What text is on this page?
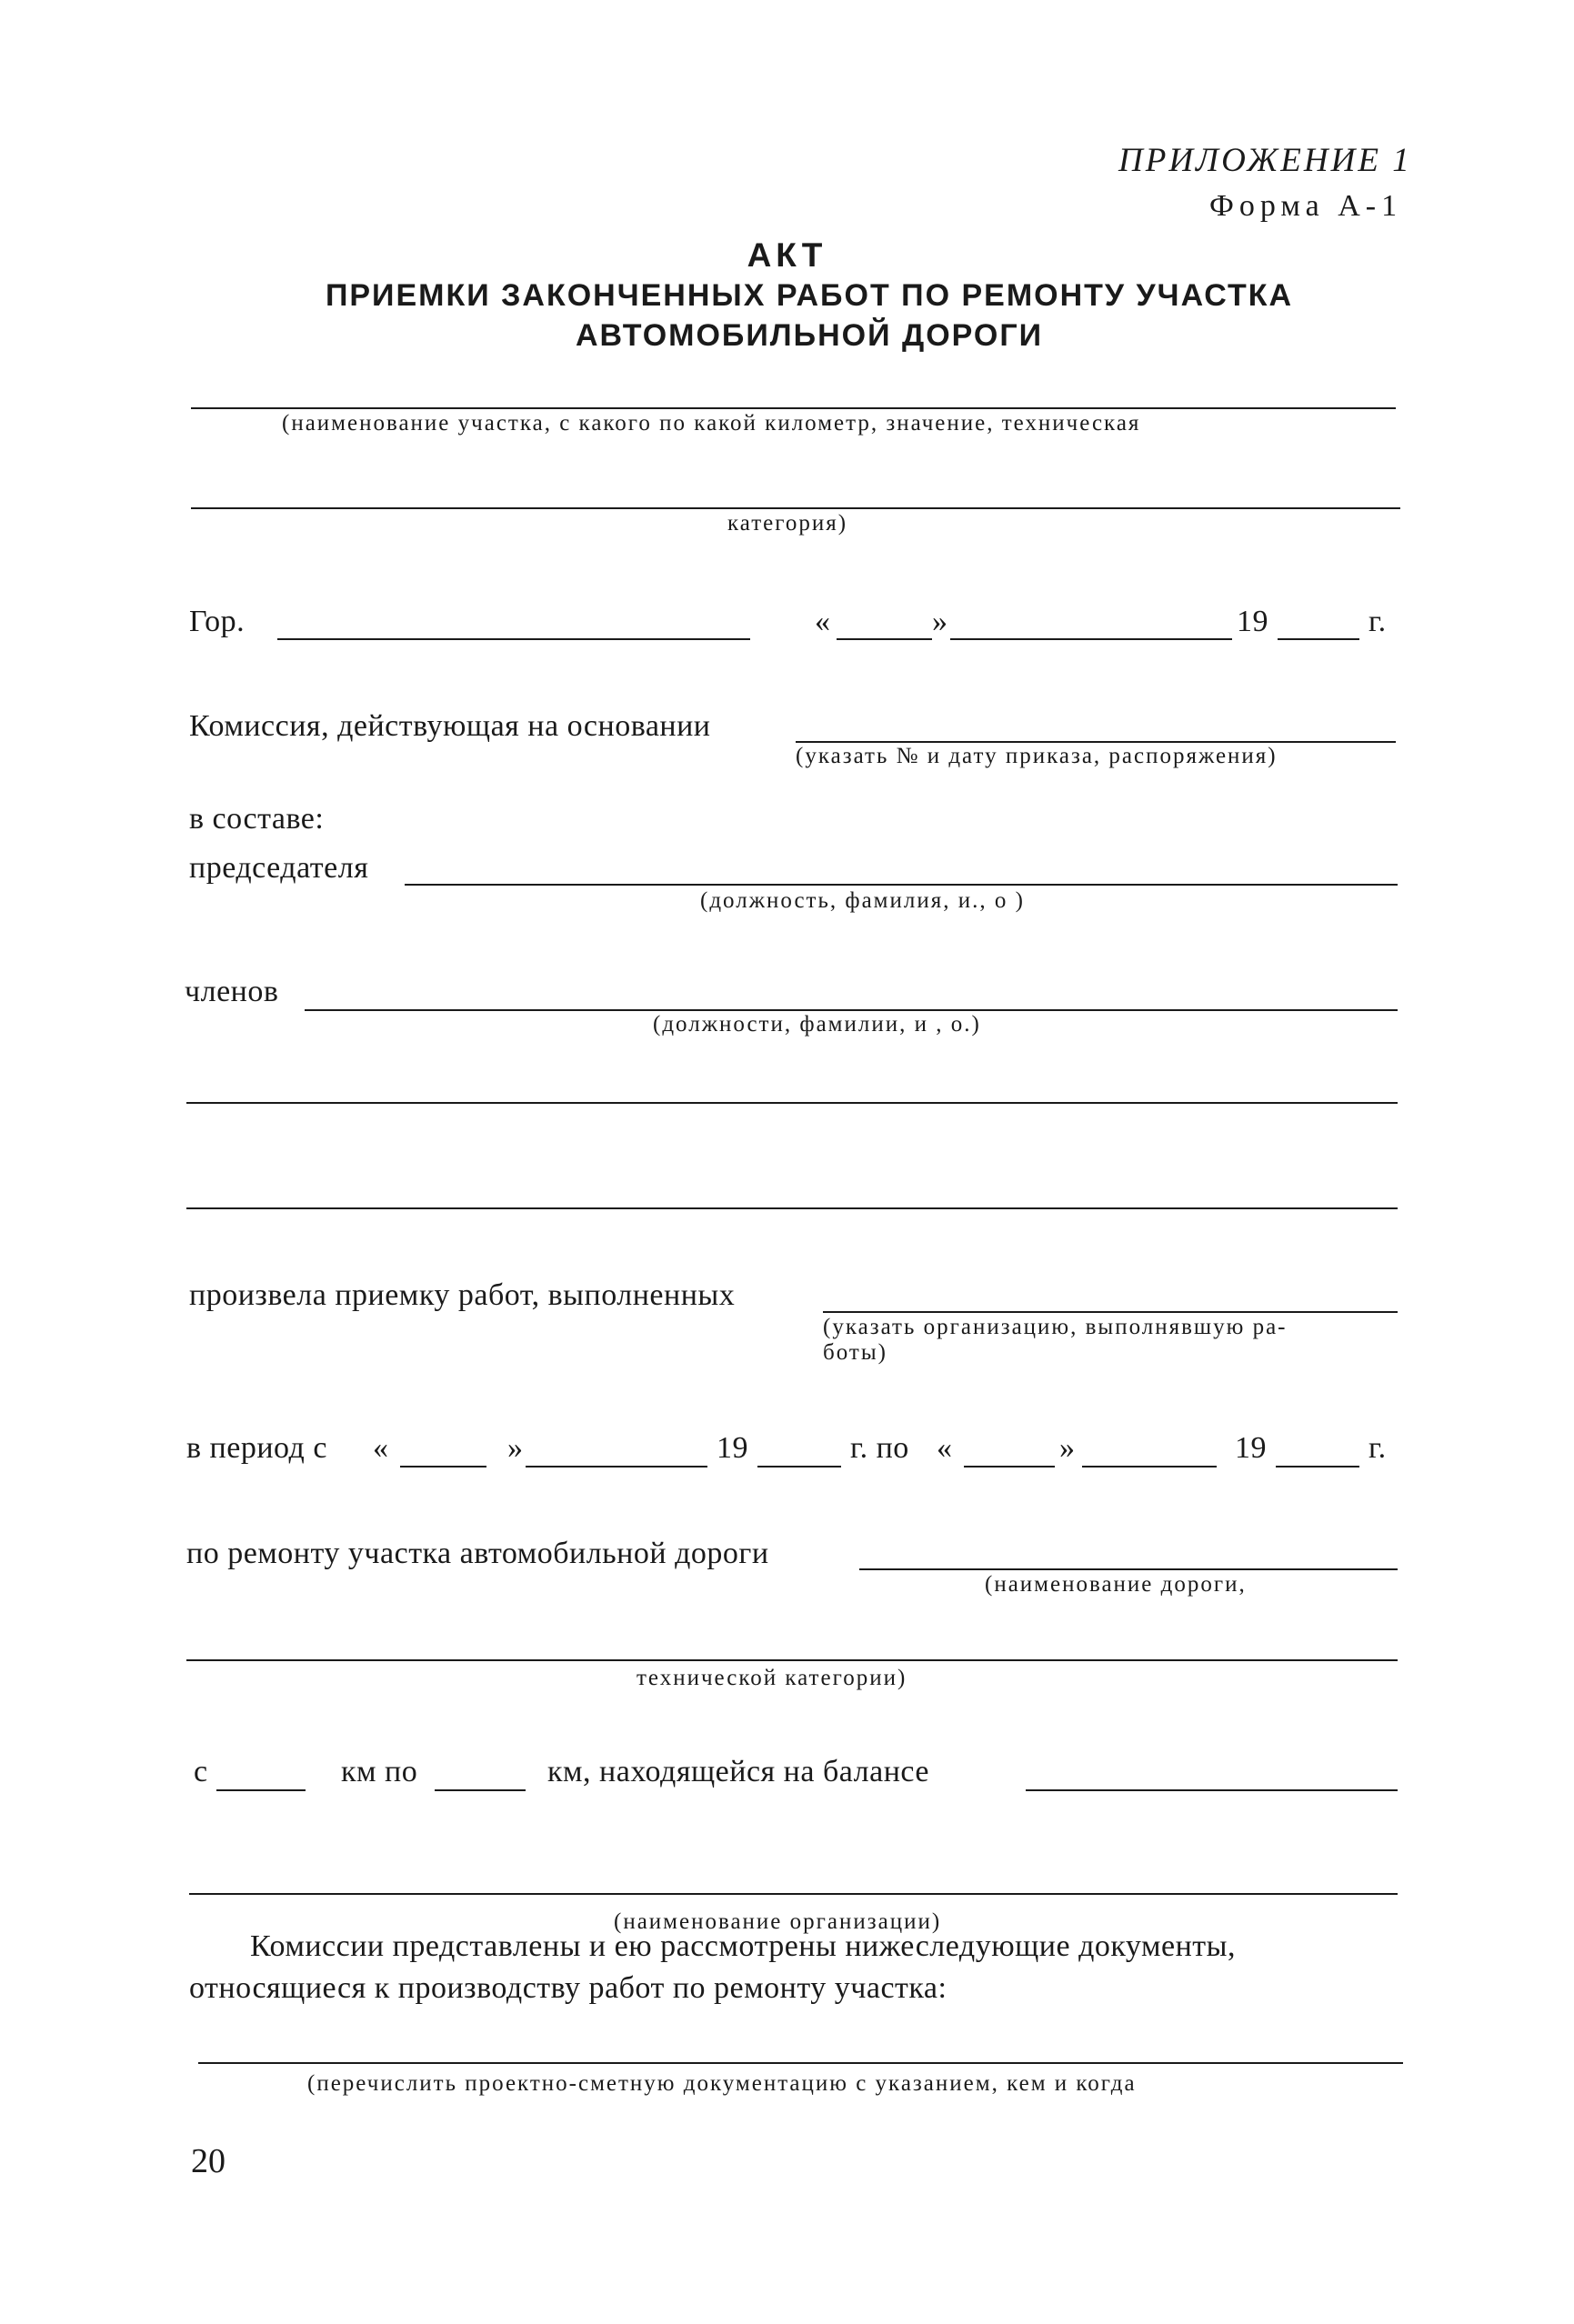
ПРИЛОЖЕНИЕ 1
Форма А-1
АКТ
ПРИЕМКИ ЗАКОНЧЕННЫХ РАБОТ ПО РЕМОНТУ УЧАСТКА
АВТОМОБИЛЬНОЙ ДОРОГИ
(наименование участка, с какого по какой километр, значение, техническая
категория)
Гор.	«	»	19	г.
Комиссия, действующая на основании
(указать № и дату приказа, распоряжения)
в составе:
председателя
(должность, фамилия, и., о )
членов
(должности, фамилии, и , о.)
произвела приемку работ, выполненных
(указать организацию, выполнявшую ра-
боты)
в период с «	»	19	г. по «	»	19	г.
по ремонту участка автомобильной дороги
(наименование дороги,
технической категории)
с	км по	км, находящейся на балансе
(наименование организации)
Комиссии представлены и ею рассмотрены нижеследующие документы,
относящиеся к производству работ по ремонту участка:
(перечислить проектно-сметную документацию с указанием, кем и когда
20
